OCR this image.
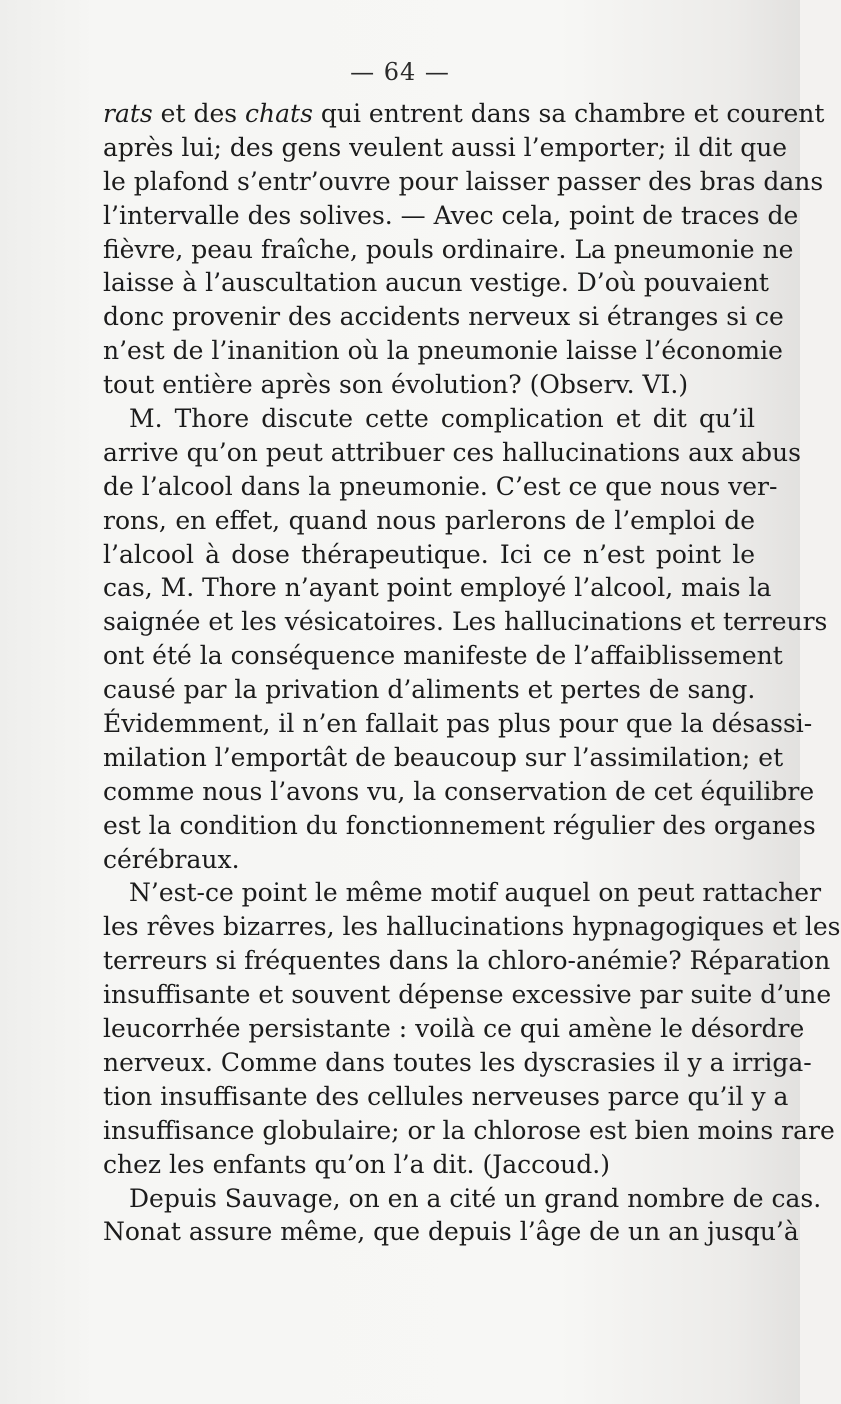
— 64 —
rats et des chats qui entrent dans sa chambre et courent
après lui; des gens veulent aussi l’emporter; il dit que
le plafond s’entr’ouvre pour laisser passer des bras dans
l’intervalle des solives. — Avec cela, point de traces de
fièvre, peau fraîche, pouls ordinaire. La pneumonie ne
laisse à l’auscultation aucun vestige. D’où pouvaient
donc provenir des accidents nerveux si étranges si ce
n’est de l’inanition où la pneumonie laisse l’économie
tout entière après son évolution? (Observ. VI.)
M. Thore discute cette complication et dit qu’il
arrive qu’on peut attribuer ces hallucinations aux abus
de l’alcool dans la pneumonie. C’est ce que nous ver-
rons, en effet, quand nous parlerons de l’emploi de
l’alcool à dose thérapeutique. Ici ce n’est point le
cas, M. Thore n’ayant point employé l’alcool, mais la
saignée et les vésicatoires. Les hallucinations et terreurs
ont été la conséquence manifeste de l’affaiblissement
causé par la privation d’aliments et pertes de sang.
Évidemment, il n’en fallait pas plus pour que la désassi-
milation l’emportât de beaucoup sur l’assimilation; et
comme nous l’avons vu, la conservation de cet équilibre
est la condition du fonctionnement régulier des organes
cérébraux.
N’est-ce point le même motif auquel on peut rattacher
les rêves bizarres, les hallucinations hypnagogiques et les
terreurs si fréquentes dans la chloro-anémie? Réparation
insuffisante et souvent dépense excessive par suite d’une
leucorrhée persistante : voilà ce qui amène le désordre
nerveux. Comme dans toutes les dyscrasies il y a irriga-
tion insuffisante des cellules nerveuses parce qu’il y a
insuffisance globulaire; or la chlorose est bien moins rare
chez les enfants qu’on l’a dit. (Jaccoud.)
Depuis Sauvage, on en a cité un grand nombre de cas.
Nonat assure même, que depuis l’âge de un an jusqu’à
